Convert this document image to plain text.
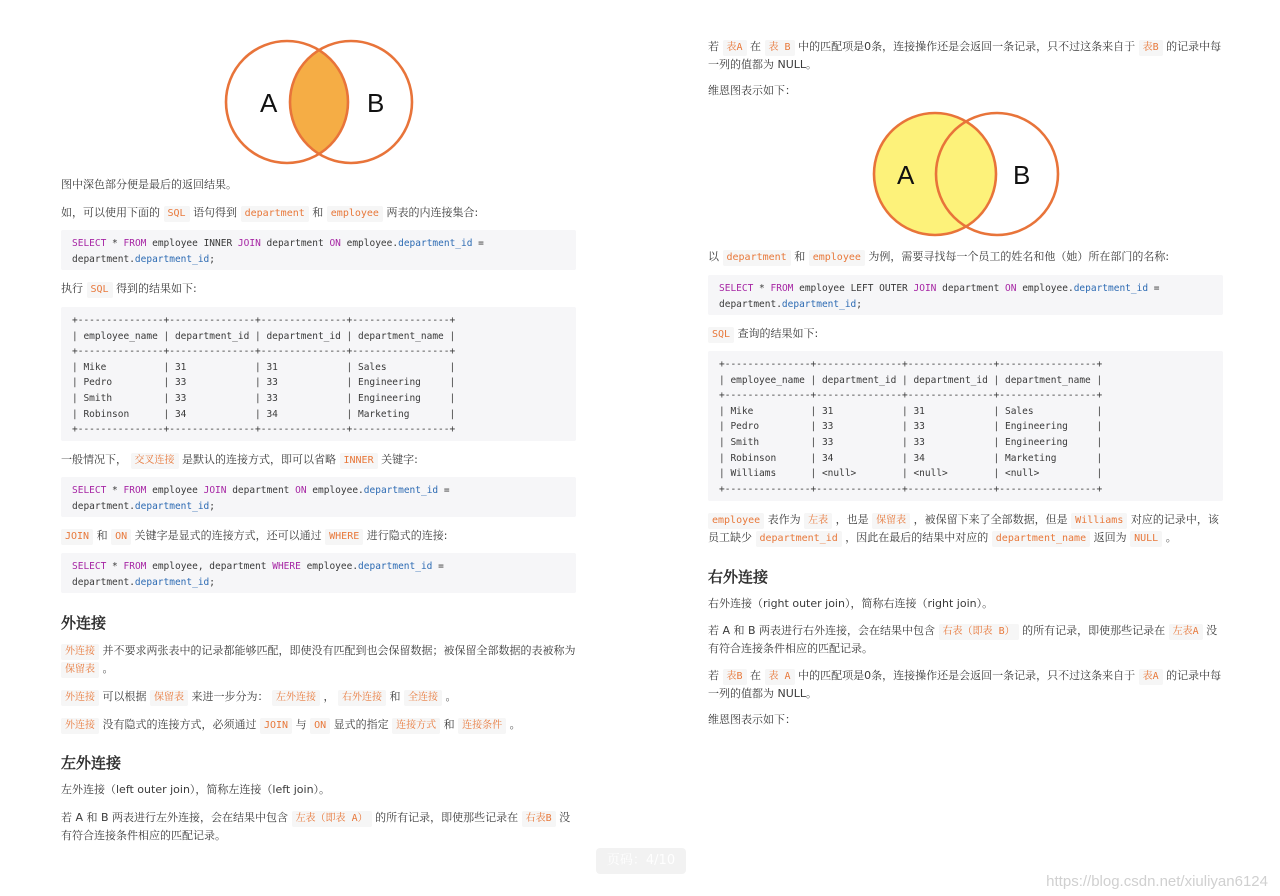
A	B

图中深色部分便是最后的返回结果。

如，可以使用下面的 SQL 语句得到 department 和 employee 两表的内连接集合:

SELECT * FROM employee INNER JOIN department ON employee.department_id =
department.department_id;

执行 SQL 得到的结果如下:

+---------------+---------------+---------------+-----------------+
| employee_name | department_id | department_id | department_name |
+---------------+---------------+---------------+-----------------+
| Mike          | 31            | 31            | Sales           |
| Pedro         | 33            | 33            | Engineering     |
| Smith         | 33            | 33            | Engineering     |
| Robinson      | 34            | 34            | Marketing       |
+---------------+---------------+---------------+-----------------+

一般情况下， 交叉连接 是默认的连接方式，即可以省略 INNER 关键字:

SELECT * FROM employee JOIN department ON employee.department_id =
department.department_id;

JOIN 和 ON 关键字是显式的连接方式，还可以通过 WHERE 进行隐式的连接:

SELECT * FROM employee, department WHERE employee.department_id =
department.department_id;
外连接

外连接 并不要求两张表中的记录都能够匹配，即使没有匹配到也会保留数据；被保留全部数据的表被称为 保留表 。

外连接 可以根据 保留表 来进一步分为： 左外连接 ， 右外连接 和 全连接 。

外连接 没有隐式的连接方式，必须通过 JOIN 与 ON 显式的指定 连接方式 和 连接条件 。

左外连接

左外连接（left outer join），简称左连接（left join）。

若 A 和 B 两表进行左外连接，会在结果中包含 左表（即表 A） 的所有记录，即使那些记录在 右表B 没有符合连接条件相应的匹配记录。

若 表A 在 表 B 中的匹配项是0条，连接操作还是会返回一条记录，只不过这条来自于 表B 的记录中每一列的值都为 NULL。

维恩图表示如下：

A	B

以 department 和 employee 为例，需要寻找每一个员工的姓名和他（她）所在部门的名称:

SELECT * FROM employee LEFT OUTER JOIN department ON employee.department_id =
department.department_id;

SQL 查询的结果如下:

+---------------+---------------+---------------+-----------------+
| employee_name | department_id | department_id | department_name |
+---------------+---------------+---------------+-----------------+
| Mike          | 31            | 31            | Sales           |
| Pedro         | 33            | 33            | Engineering     |
| Smith         | 33            | 33            | Engineering     |
| Robinson      | 34            | 34            | Marketing       |
| Williams      | <null>        | <null>        | <null>          |
+---------------+---------------+---------------+-----------------+

employee 表作为 左表 ，也是 保留表 ，被保留下来了全部数据，但是 Williams 对应的记录中，该员工缺少 department_id ，因此在最后的结果中对应的 department_name 返回为 NULL 。

右外连接

右外连接（right outer join），简称右连接（right join）。

若 A 和 B 两表进行右外连接，会在结果中包含 右表（即表 B） 的所有记录，即使那些记录在 左表A 没有符合连接条件相应的匹配记录。

若 表B 在 表 A 中的匹配项是0条，连接操作还是会返回一条记录，只不过这条来自于 表A 的记录中每一列的值都为 NULL。

维恩图表示如下：

页码：4/10
https://blog.csdn.net/xiuliyan6124
